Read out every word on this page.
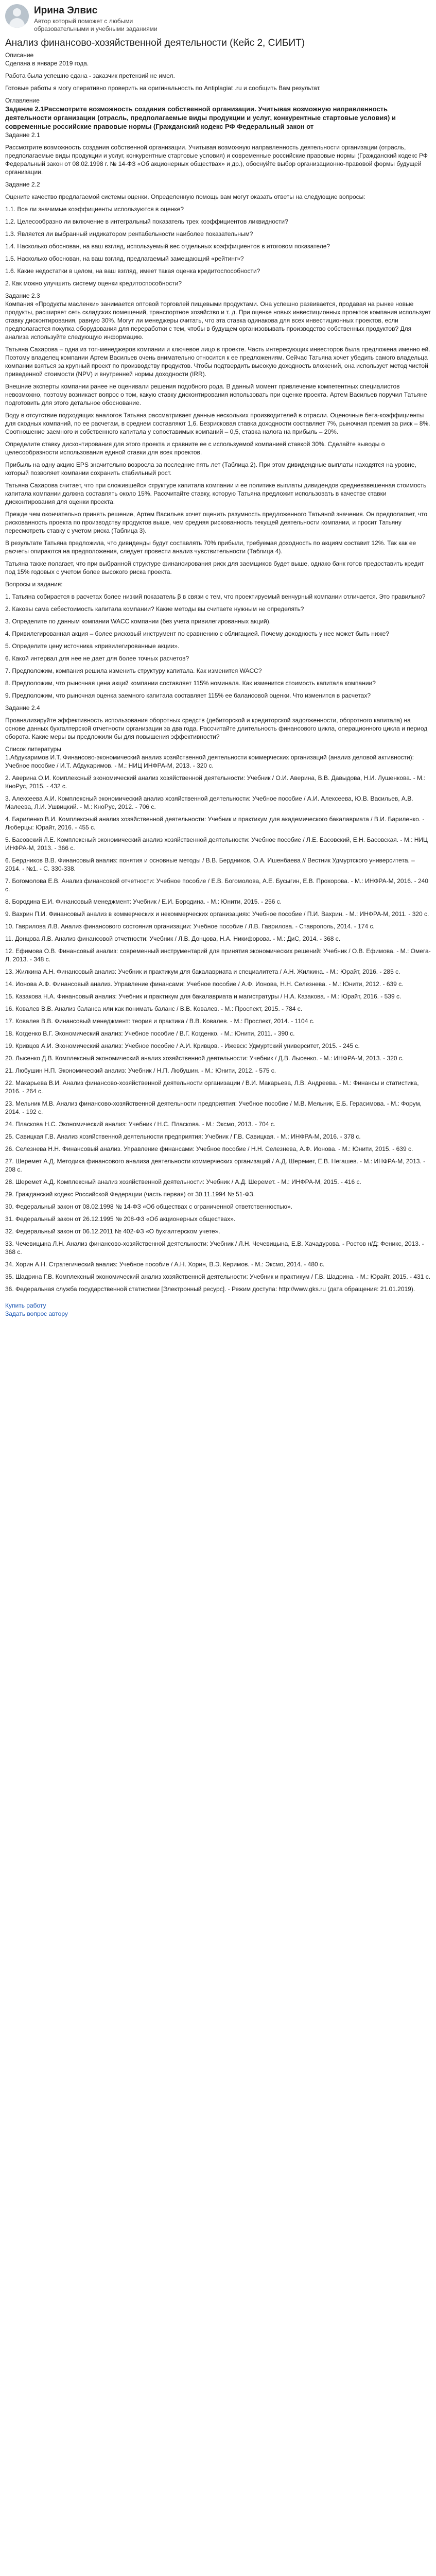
Ирина Элвис
Автор который поможет с любыми образовательными и учебными заданиями
Анализ финансово-хозяйственной деятельности (Кейс 2, СИБИТ)

Описание

Сделана в январе 2019 года.

Работа была успешно сдана - заказчик претензий не имел.

Готовые работы я могу оперативно проверить на оригинальность по Antiplagiat .ru и сообщить Вам результат.

Оглавление

Задание 2.1Рассмотрите возможность создания собственной организации. Учитывая возможную направленность деятельности организации (отрасль, предполагаемые виды продукции и услуг, конкурентные стартовые условия) и современные российские правовые нормы (Гражданский кодекс РФ Федеральный закон от

Задание 2.1

Рассмотрите возможность создания собственной организации. Учитывая возможную направленность деятельности организации (отрасль, предполагаемые виды продукции и услуг, конкурентные стартовые условия) и современные российские правовые нормы (Гражданский кодекс РФ Федеральный закон от 08.02.1998 г. № 14-ФЗ «Об акционерных обществах» и др.), обоснуйте выбор организационно-правовой формы будущей организации.

Задание 2.2

Оцените качество предлагаемой системы оценки. Определенную помощь вам могут оказать ответы на следующие вопросы:

1.1. Все ли значимые коэффициенты используются в оценке?

1.2. Целесообразно ли включение в интегральный показатель трех коэффициентов ликвидности?

1.3. Является ли выбранный индикатором рентабельности наиболее показательным?

1.4. Насколько обоснован, на ваш взгляд, используемый вес отдельных коэффициентов в итоговом показателе?

1.5. Насколько обоснован, на ваш взгляд, предлагаемый замещающий «рейтинг»?

1.6. Какие недостатки в целом, на ваш взгляд, имеет такая оценка кредитоспособности?

2. Как можно улучшить систему оценки кредитоспособности?

Задание 2.3

Компания «Продукты масленки» занимается оптовой торговлей пищевыми продуктами. Она успешно развивается, продавая на рынке новые продукты, расширяет сеть складских помещений, транспортное хозяйство и т. д. При оценке новых инвестиционных проектов компания использует ставку дисконтирования, равную 30%. Могут ли менеджеры считать, что эта ставка одинакова для всех инвестиционных проектов, если предполагается покупка оборудования для переработки с тем, чтобы в будущем организовывать производство собственных продуктов? Для анализа используйте следующую информацию.

Татьяна Сахарова – одна из топ-менеджеров компании и ключевое лицо в проекте. Часть интересующих инвесторов была предложена именно ей. Поэтому владелец компании Артем Васильев очень внимательно относится к ее предложениям. Сейчас Татьяна хочет убедить самого владельца компании взяться за крупный проект по производству продуктов. Чтобы подтвердить высокую доходность вложений, она использует метод чистой приведенной стоимости (NPV) и внутренней нормы доходности (IRR).

Внешние эксперты компании ранее не оценивали решения подобного рода. В данный момент привлечение компетентных специалистов невозможно, поэтому возникает вопрос о том, какую ставку дисконтирования использовать при оценке проекта. Артем Васильев поручил Татьяне подготовить для этого детальное обоснование.

Воду в отсутствие подходящих аналогов Татьяна рассматривает данные нескольких производителей в отрасли. Оценочные бета-коэффициенты для сходных компаний, по ее расчетам, в среднем составляют 1,6. Безрисковая ставка доходности составляет 7%, рыночная премия за риск – 8%. Соотношение заемного и собственного капитала у сопоставимых компаний – 0,5, ставка налога на прибыль – 20%.

Определите ставку дисконтирования для этого проекта и сравните ее с используемой компанией ставкой 30%. Сделайте выводы о целесообразности использования единой ставки для всех проектов.

Прибыль на одну акцию EPS значительно возросла за последние пять лет (Таблица 2). При этом дивидендные выплаты находятся на уровне, который позволяет компании сохранить стабильный рост.

Татьяна Сахарова считает, что при сложившейся структуре капитала компании и ее политике выплаты дивидендов средневзвешенная стоимость капитала компании должна составлять около 15%. Рассчитайте ставку, которую Татьяна предложит использовать в качестве ставки дисконтирования для оценки проекта.

Прежде чем окончательно принять решение, Артем Васильев хочет оценить разумность предложенного Татьяной значения. Он предполагает, что рискованность проекта по производству продуктов выше, чем средняя рискованность текущей деятельности компании, и просит Татьяну пересмотреть ставку с учетом риска (Таблица 3).

В результате Татьяна предложила, что дивиденды будут составлять 70% прибыли, требуемая доходность по акциям составит 12%. Так как ее расчеты опираются на предположения, следует провести анализ чувствительности (Таблица 4).

Татьяна также полагает, что при выбранной структуре финансирования риск для заемщиков будет выше, однако банк готов предоставить кредит под 15% годовых с учетом более высокого риска проекта.

Вопросы и задания:

1. Татьяна собирается в расчетах более низкий показатель β в связи с тем, что проектируемый венчурный компании отличается. Это правильно?

2. Каковы сама себестоимость капитала компании? Какие методы вы считаете нужным не определять?

3. Определите по данным компании WACC компании (без учета привилегированных акций).

4. Привилегированная акция – более рисковый инструмент по сравнению с облигацией. Почему доходность у нее может быть ниже?

5. Определите цену источника «привилегированные акции».

6. Какой интервал для нее не дает для более точных расчетов?

7. Предположим, компания решила изменить структуру капитала. Как изменится WACC?

8. Предположим, что рыночная цена акций компании составляет 115% номинала. Как изменится стоимость капитала компании?

9. Предположим, что рыночная оценка заемного капитала составляет 115% ее балансовой оценки. Что изменится в расчетах?

Задание 2.4

Проанализируйте эффективность использования оборотных средств (дебиторской и кредиторской задолженности, оборотного капитала) на основе данных бухгалтерской отчетности организации за два года. Рассчитайте длительность финансового цикла, операционного цикла и период оборота. Какие меры вы предложили бы для повышения эффективности?

Список литературы

1.Абдукаримов И.Т. Финансово-экономический анализ хозяйственной деятельности коммерческих организаций (анализ деловой активности): Учебное пособие / И.Т. Абдукаримов. - М.: НИЦ ИНФРА-М, 2013. - 320 с.

2. Аверина О.И. Комплексный экономический анализ хозяйственной деятельности: Учебник / О.И. Аверина, В.В. Давыдова, Н.И. Лушенкова. - М.: КноРус, 2015. - 432 с.

3. Алексеева А.И. Комплексный экономический анализ хозяйственной деятельности: Учебное пособие / А.И. Алексеева, Ю.В. Васильев, А.В. Малеева, Л.И. Ушвицкий. - М.: КноРус, 2012. - 706 с.

4. Бариленко В.И. Комплексный анализ хозяйственной деятельности: Учебник и практикум для академического бакалавриата / В.И. Бариленко. - Люберцы: Юрайт, 2016. - 455 с.

5. Басовский Л.Е. Комплексный экономический анализ хозяйственной деятельности: Учебное пособие / Л.Е. Басовский, Е.Н. Басовская. - М.: НИЦ ИНФРА-М, 2013. - 366 с.

6. Бердников В.В. Финансовый анализ: понятия и основные методы / В.В. Бердников, О.А. Ишенбаева // Вестник Удмуртского университета. – 2014. - №1. - С. 330-338.

7. Богомолова Е.В. Анализ финансовой отчетности: Учебное пособие / Е.В. Богомолова, А.Е. Бусыгин, Е.В. Прохорова. - М.: ИНФРА-М, 2016. - 240 с.

8. Бородина Е.И. Финансовый менеджмент: Учебник / Е.И. Бородина. - М.: Юнити, 2015. - 256 с.

9. Вахрин П.И. Финансовый анализ в коммерческих и некоммерческих организациях: Учебное пособие / П.И. Вахрин. - М.: ИНФРА-М, 2011. - 320 с.

10. Гаврилова Л.В. Анализ финансового состояния организации: Учебное пособие / Л.В. Гаврилова. - Ставрополь, 2014. - 174 с.

11. Донцова Л.В. Анализ финансовой отчетности: Учебник / Л.В. Донцова, Н.А. Никифорова. - М.: ДиС, 2014. - 368 с.

12. Ефимова О.В. Финансовый анализ: современный инструментарий для принятия экономических решений: Учебник / О.В. Ефимова. - М.: Омега-Л, 2013. - 348 с.

13. Жилкина А.Н. Финансовый анализ: Учебник и практикум для бакалавриата и специалитета / А.Н. Жилкина. - М.: Юрайт, 2016. - 285 с.

14. Ионова А.Ф. Финансовый анализ. Управление финансами: Учебное пособие / А.Ф. Ионова, Н.Н. Селезнева. - М.: Юнити, 2012. - 639 с.

15. Казакова Н.А. Финансовый анализ: Учебник и практикум для бакалавриата и магистратуры / Н.А. Казакова. - М.: Юрайт, 2016. - 539 с.

16. Ковалев В.В. Анализ баланса или как понимать баланс / В.В. Ковалев. - М.: Проспект, 2015. - 784 с.

17. Ковалев В.В. Финансовый менеджмент: теория и практика / В.В. Ковалев. - М.: Проспект, 2014. - 1104 с.

18. Когденко В.Г. Экономический анализ: Учебное пособие / В.Г. Когденко. - М.: Юнити, 2011. - 390 с.

19. Кривцов А.И. Экономический анализ: Учебное пособие / А.И. Кривцов. - Ижевск: Удмуртский университет, 2015. - 245 с.

20. Лысенко Д.В. Комплексный экономический анализ хозяйственной деятельности: Учебник / Д.В. Лысенко. - М.: ИНФРА-М, 2013. - 320 с.

21. Любушин Н.П. Экономический анализ: Учебник / Н.П. Любушин. - М.: Юнити, 2012. - 575 с.

22. Макарьева В.И. Анализ финансово-хозяйственной деятельности организации / В.И. Макарьева, Л.В. Андреева. - М.: Финансы и статистика, 2016. - 264 с.

23. Мельник М.В. Анализ финансово-хозяйственной деятельности предприятия: Учебное пособие / М.В. Мельник, Е.Б. Герасимова. - М.: Форум, 2014. - 192 с.

24. Пласкова Н.С. Экономический анализ: Учебник / Н.С. Пласкова. - М.: Эксмо, 2013. - 704 с.

25. Савицкая Г.В. Анализ хозяйственной деятельности предприятия: Учебник / Г.В. Савицкая. - М.: ИНФРА-М, 2016. - 378 с.

26. Селезнева Н.Н. Финансовый анализ. Управление финансами: Учебное пособие / Н.Н. Селезнева, А.Ф. Ионова. - М.: Юнити, 2015. - 639 с.

27. Шеремет А.Д. Методика финансового анализа деятельности коммерческих организаций / А.Д. Шеремет, Е.В. Негашев. - М.: ИНФРА-М, 2013. - 208 с.

28. Шеремет А.Д. Комплексный анализ хозяйственной деятельности: Учебник / А.Д. Шеремет. - М.: ИНФРА-М, 2015. - 416 с.

29. Гражданский кодекс Российской Федерации (часть первая) от 30.11.1994 № 51-ФЗ.

30. Федеральный закон от 08.02.1998 № 14-ФЗ «Об обществах с ограниченной ответственностью».

31. Федеральный закон от 26.12.1995 № 208-ФЗ «Об акционерных обществах».

32. Федеральный закон от 06.12.2011 № 402-ФЗ «О бухгалтерском учете».

33. Чечевицына Л.Н. Анализ финансово-хозяйственной деятельности: Учебник / Л.Н. Чечевицына, Е.В. Хачадурова. - Ростов н/Д: Феникс, 2013. - 368 с.

34. Хорин А.Н. Стратегический анализ: Учебное пособие / А.Н. Хорин, В.Э. Керимов. - М.: Эксмо, 2014. - 480 с.

35. Шадрина Г.В. Комплексный экономический анализ хозяйственной деятельности: Учебник и практикум / Г.В. Шадрина. - М.: Юрайт, 2015. - 431 с.

36. Федеральная служба государственной статистики [Электронный ресурс]. - Режим доступа: http://www.gks.ru (дата обращения: 21.01.2019).

Купить работу

Задать вопрос автору
